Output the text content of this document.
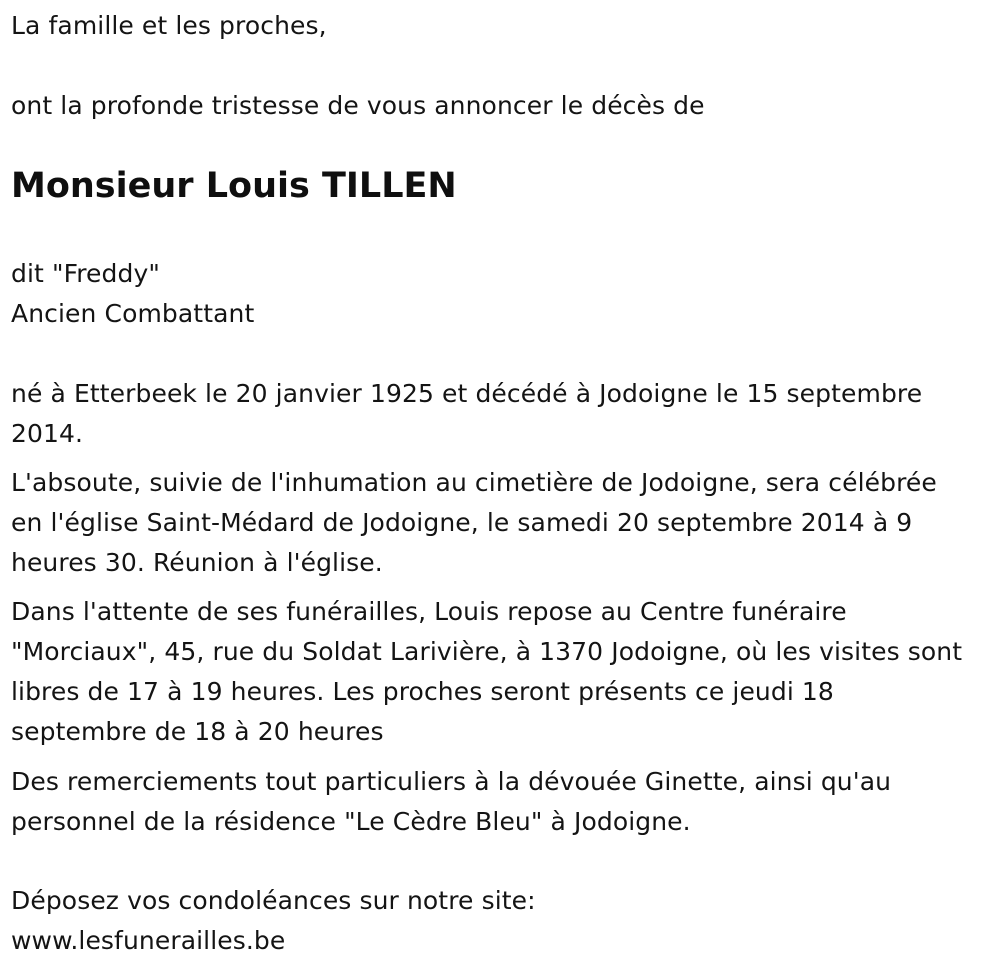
La famille et les proches,
ont la profonde tristesse de vous annoncer le décès de
Monsieur Louis TILLEN
dit "Freddy"
Ancien Combattant
né à Etterbeek le 20 janvier 1925 et décédé à Jodoigne le 15 septembre
2014.
L'absoute, suivie de l'inhumation au cimetière de Jodoigne, sera célébrée
en l'église Saint-Médard de Jodoigne, le samedi 20 septembre 2014 à 9
heures 30. Réunion à l'église.
Dans l'attente de ses funérailles, Louis repose au Centre funéraire
"Morciaux", 45, rue du Soldat Larivière, à 1370 Jodoigne, où les visites sont
libres de 17 à 19 heures. Les proches seront présents ce jeudi 18
septembre de 18 à 20 heures
Des remerciements tout particuliers à la dévouée Ginette, ainsi qu'au
personnel de la résidence "Le Cèdre Bleu" à Jodoigne.
Déposez vos condoléances sur notre site:
www.lesfunerailles.be
